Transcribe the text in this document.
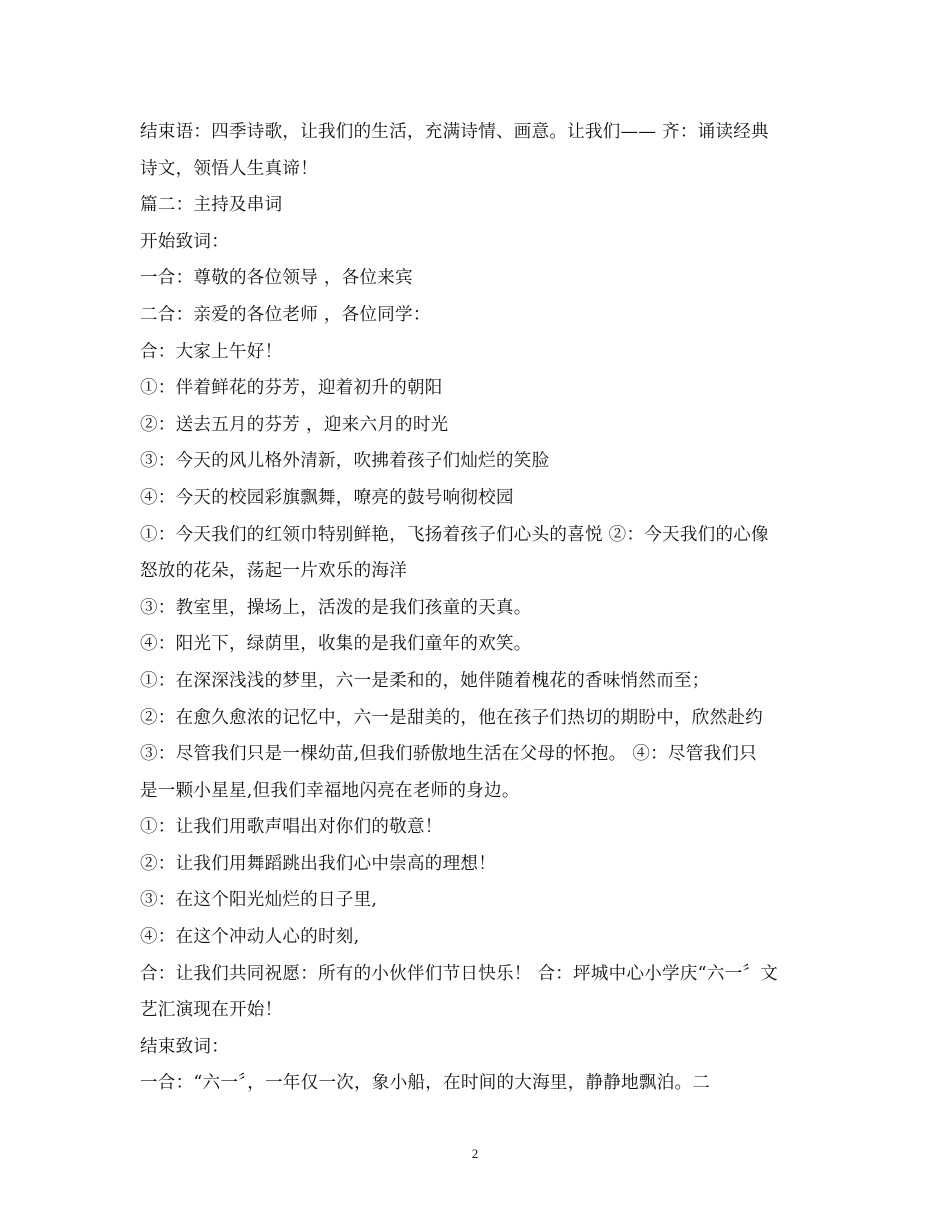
结束语：四季诗歌，让我们的生活，充满诗情、画意。让我们—— 齐：诵读经典
诗文，领悟人生真谛！
篇二：主持及串词
开始致词：
一合：尊敬的各位领导 ，各位来宾
二合：亲爱的各位老师 ，各位同学：
合：大家上午好！
①：伴着鲜花的芬芳，迎着初升的朝阳
②：送去五月的芬芳 ，迎来六月的时光
③：今天的风儿格外清新，吹拂着孩子们灿烂的笑脸
④：今天的校园彩旗飘舞，嘹亮的鼓号响彻校园
①：今天我们的红领巾特别鲜艳，飞扬着孩子们心头的喜悦 ②：今天我们的心像
怒放的花朵，荡起一片欢乐的海洋
③：教室里，操场上，活泼的是我们孩童的天真。
④：阳光下，绿荫里，收集的是我们童年的欢笑。
①：在深深浅浅的梦里，六一是柔和的，她伴随着槐花的香味悄然而至；
②：在愈久愈浓的记忆中，六一是甜美的，他在孩子们热切的期盼中，欣然赴约
③：尽管我们只是一棵幼苗,但我们骄傲地生活在父母的怀抱。 ④：尽管我们只
是一颗小星星,但我们幸福地闪亮在老师的身边。
①：让我们用歌声唱出对你们的敬意！
②：让我们用舞蹈跳出我们心中崇高的理想！
③：在这个阳光灿烂的日子里,
④：在这个冲动人心的时刻,
合：让我们共同祝愿：所有的小伙伴们节日快乐！ 合：坪城中心小学庆“六一〞文
艺汇演现在开始！
结束致词：
一合：“六一〞，一年仅一次，象小船，在时间的大海里，静静地飘泊。二
2
